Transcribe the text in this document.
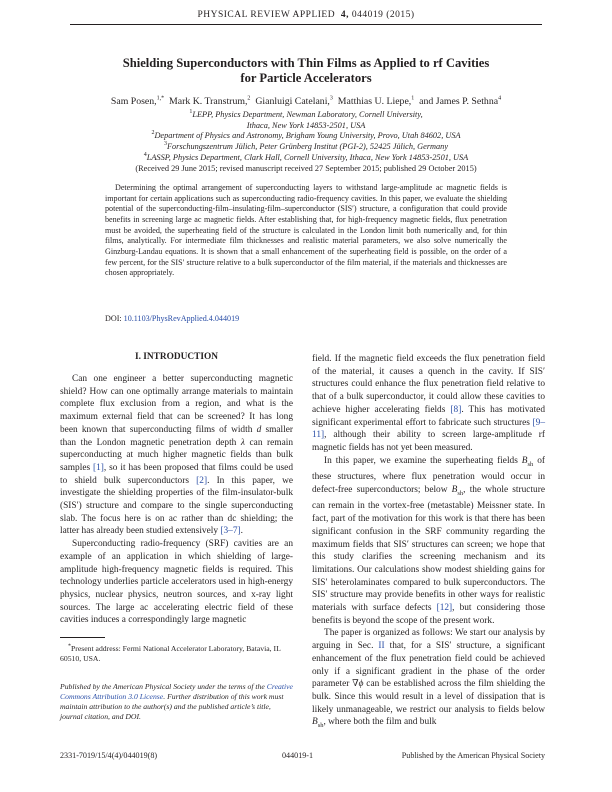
PHYSICAL REVIEW APPLIED 4, 044019 (2015)
Shielding Superconductors with Thin Films as Applied to rf Cavities
for Particle Accelerators
Sam Posen,$^{1,*}$ Mark K. Transtrum,$^2$ Gianluigi Catelani,$^3$ Matthias U. Liepe,$^1$ and James P. Sethna$^4$
$^1$LEPP, Physics Department, Newman Laboratory, Cornell University,
Ithaca, New York 14853-2501, USA
$^2$Department of Physics and Astronomy, Brigham Young University, Provo, Utah 84602, USA
$^3$Forschungszentrum Jülich, Peter Grünberg Institut (PGI-2), 52425 Jülich, Germany
$^4$LASSP, Physics Department, Clark Hall, Cornell University, Ithaca, New York 14853-2501, USA
(Received 29 June 2015; revised manuscript received 27 September 2015; published 29 October 2015)
Determining the optimal arrangement of superconducting layers to withstand large-amplitude ac magnetic fields is important for certain applications such as superconducting radio-frequency cavities. In this paper, we evaluate the shielding potential of the superconducting-film–insulating-film–superconductor (SIS′) structure, a configuration that could provide benefits in screening large ac magnetic fields. After establishing that, for high-frequency magnetic fields, flux penetration must be avoided, the superheating field of the structure is calculated in the London limit both numerically and, for thin films, analytically. For intermediate film thicknesses and realistic material parameters, we also solve numerically the Ginzburg-Landau equations. It is shown that a small enhancement of the superheating field is possible, on the order of a few percent, for the SIS′ structure relative to a bulk superconductor of the film material, if the materials and thicknesses are chosen appropriately.
DOI: 10.1103/PhysRevApplied.4.044019
I. INTRODUCTION

Can one engineer a better superconducting magnetic shield? How can one optimally arrange materials to maintain complete flux exclusion from a region, and what is the maximum external field that can be screened? It has long been known that superconducting films of width d smaller than the London magnetic penetration depth λ can remain superconducting at much higher magnetic fields than bulk samples [1], so it has been proposed that films could be used to shield bulk superconductors [2]. In this paper, we investigate the shielding properties of the film-insulator-bulk (SIS′) structure and compare to the single superconducting slab. The focus here is on ac rather than dc shielding; the latter has already been studied extensively [3–7].

Superconducting radio-frequency (SRF) cavities are an example of an application in which shielding of large-amplitude high-frequency magnetic fields is required. This technology underlies particle accelerators used in high-energy physics, nuclear physics, neutron sources, and x-ray light sources. The large ac accelerating electric field of these cavities induces a correspondingly large magnetic

field. If the magnetic field exceeds the flux penetration field of the material, it causes a quench in the cavity. If SIS′ structures could enhance the flux penetration field relative to that of a bulk superconductor, it could allow these cavities to achieve higher accelerating fields [8]. This has motivated significant experimental effort to fabricate such structures [9–11], although their ability to screen large-amplitude rf magnetic fields has not yet been measured.

In this paper, we examine the superheating fields $B_{sh}$ of these structures, where flux penetration would occur in defect-free superconductors; below $B_{sh}$, the whole structure can remain in the vortex-free (metastable) Meissner state. In fact, part of the motivation for this work is that there has been significant confusion in the SRF community regarding the maximum fields that SIS′ structures can screen; we hope that this study clarifies the screening mechanism and its limitations. Our calculations show modest shielding gains for SIS′ heterolaminates compared to bulk superconductors. The SIS′ structure may provide benefits in other ways for realistic materials with surface defects [12], but considering those benefits is beyond the scope of the present work.

The paper is organized as follows: We start our analysis by arguing in Sec. II that, for a SIS′ structure, a significant enhancement of the flux penetration field could be achieved only if a significant gradient in the phase of the order parameter ∇ϕ can be established across the film shielding the bulk. Since this would result in a level of dissipation that is likely unmanageable, we restrict our analysis to fields below $B_{sh}$, where both the film and bulk

*Present address: Fermi National Accelerator Laboratory, Batavia, IL 60510, USA.
Published by the American Physical Society under the terms of the Creative Commons Attribution 3.0 License. Further distribution of this work must maintain attribution to the author(s) and the published article’s title, journal citation, and DOI.
2331-7019/15/4(4)/044019(8)	044019-1	Published by the American Physical Society
